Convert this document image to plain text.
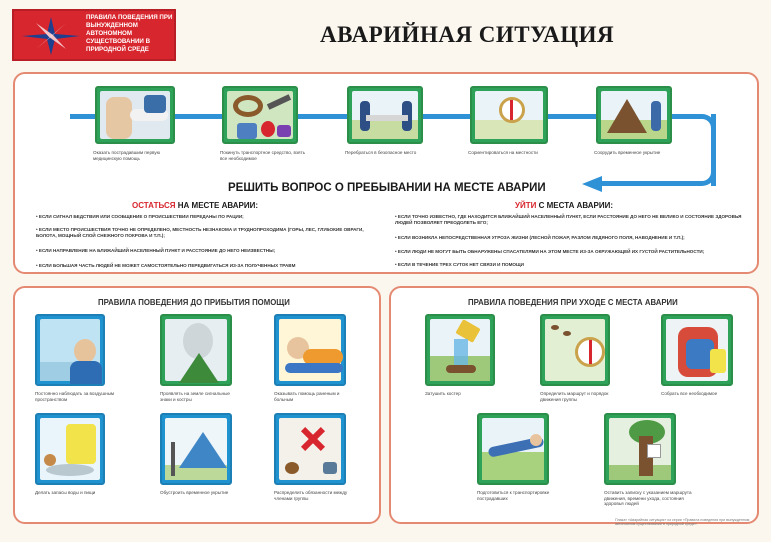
ПРАВИЛА ПОВЕДЕНИЯ ПРИ ВЫНУЖДЕННОМ АВТОНОМНОМ СУЩЕСТВОВАНИИ В ПРИРОДНОЙ СРЕДЕ
АВАРИЙНАЯ СИТУАЦИЯ
Оказать пострадавшим первую медицинскую помощь
Покинуть транспортное средство, взять все необходимое
Перебраться в безопасное место	Сориентироваться на местности	Соорудить временное укрытие
РЕШИТЬ ВОПРОС О ПРЕБЫВАНИИ НА МЕСТЕ АВАРИИ
ОСТАТЬСЯ НА МЕСТЕ АВАРИИ:
• ЕСЛИ СИГНАЛ БЕДСТВИЯ ИЛИ СООБЩЕНИЕ О ПРОИСШЕСТВИИ ПЕРЕДАНЫ ПО РАЦИИ;
• ЕСЛИ МЕСТО ПРОИСШЕСТВИЯ ТОЧНО НЕ ОПРЕДЕЛЕНО, МЕСТНОСТЬ НЕЗНАКОМА И ТРУДНОПРОХОДИМА (ГОРЫ, ЛЕС, ГЛУБОКИЕ ОВРАГИ, БОЛОТА, МОЩНЫЙ СЛОЙ СНЕЖНОГО ПОКРОВА И Т.П.);
• ЕСЛИ НАПРАВЛЕНИЕ НА БЛИЖАЙШИЙ НАСЕЛЕННЫЙ ПУНКТ И РАССТОЯНИЕ ДО НЕГО НЕИЗВЕСТНЫ;
• ЕСЛИ БОЛЬШАЯ ЧАСТЬ ЛЮДЕЙ НЕ МОЖЕТ САМОСТОЯТЕЛЬНО ПЕРЕДВИГАТЬСЯ ИЗ-ЗА ПОЛУЧЕННЫХ ТРАВМ
УЙТИ С МЕСТА АВАРИИ:
• ЕСЛИ ТОЧНО ИЗВЕСТНО, ГДЕ НАХОДИТСЯ БЛИЖАЙШИЙ НАСЕЛЕННЫЙ ПУНКТ, ЕСЛИ РАССТОЯНИЕ ДО НЕГО НЕ ВЕЛИКО И СОСТОЯНИЕ ЗДОРОВЬЯ ЛЮДЕЙ ПОЗВОЛЯЕТ ПРЕОДОЛЕТЬ ЕГО;
• ЕСЛИ ВОЗНИКЛА НЕПОСРЕДСТВЕННАЯ УГРОЗА ЖИЗНИ (ЛЕСНОЙ ПОЖАР, РАЗЛОМ ЛЕДЯНОГО ПОЛЯ, НАВОДНЕНИЕ И Т.П.);
• ЕСЛИ ЛЮДИ НЕ МОГУТ БЫТЬ ОБНАРУЖЕНЫ СПАСАТЕЛЯМИ НА ЭТОМ МЕСТЕ ИЗ-ЗА ОКРУЖАЮЩЕЙ ИХ ГУСТОЙ РАСТИТЕЛЬНОСТИ;
• ЕСЛИ В ТЕЧЕНИЕ ТРЕХ СУТОК НЕТ СВЯЗИ И ПОМОЩИ
ПРАВИЛА ПОВЕДЕНИЯ ДО ПРИБЫТИЯ ПОМОЩИ
Постоянно наблюдать за воздушным пространством
Проявлять на земле сигнальные знаки и костры
Оказывать помощь раненым и больным
Делать запасы воды и пищи	Обустроить временное укрытие	Распределить обязанности между членами группы
ПРАВИЛА ПОВЕДЕНИЯ ПРИ УХОДЕ С МЕСТА АВАРИИ
Затушить костер	Определить маршрут и порядок движения группы
Собрать все необходимое
Подготовиться к транспортировке пострадавших
Оставить записку с указанием маршрута движения, времени ухода, состояния здоровья людей
Плакат «Аварийная ситуация» из серии «Правила поведения при вынужденном автономном существовании в природной среде»
